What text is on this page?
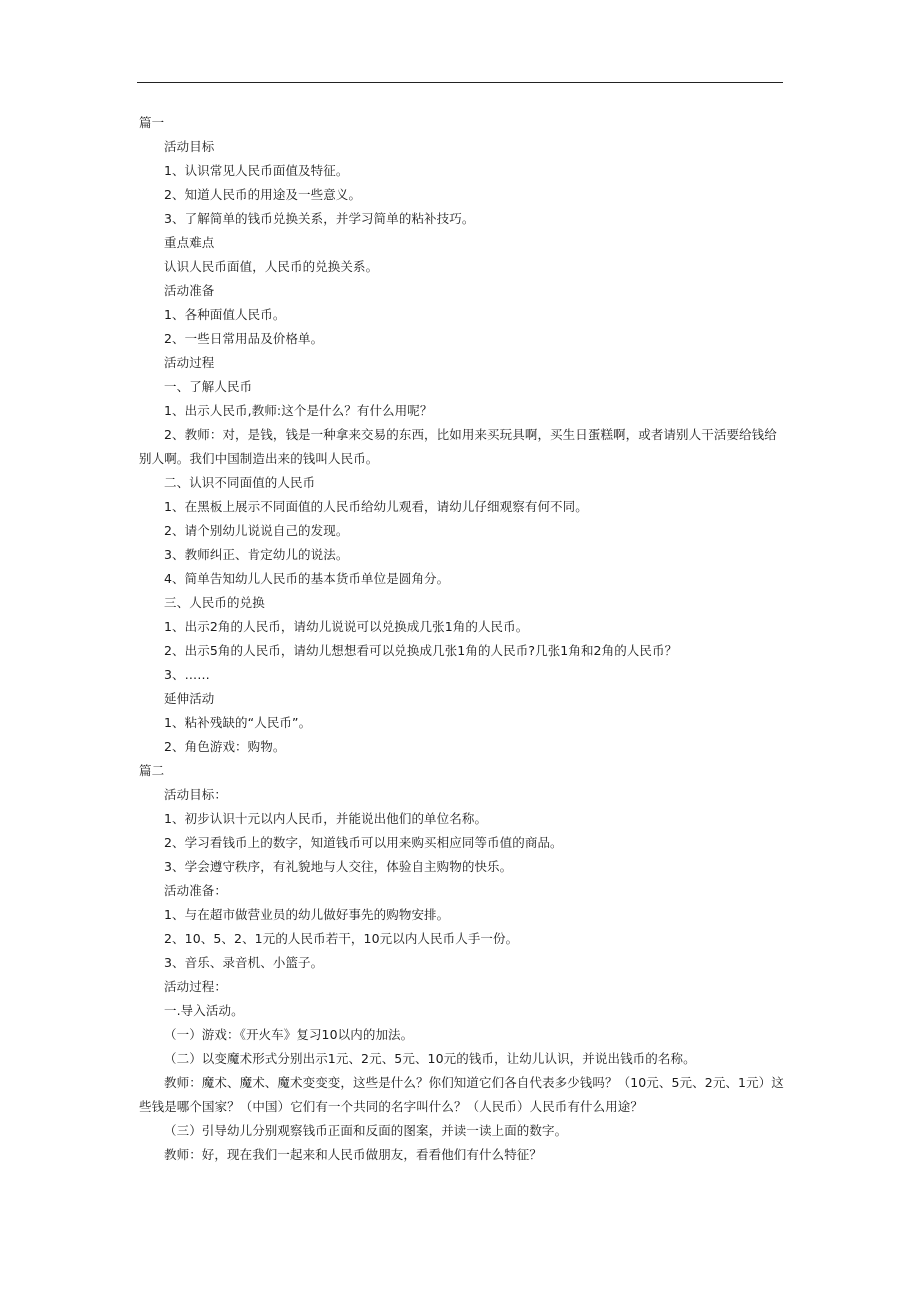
篇一
活动目标
1、认识常见人民币面值及特征。
2、知道人民币的用途及一些意义。
3、了解简单的钱币兑换关系，并学习简单的粘补技巧。
重点难点
认识人民币面值，人民币的兑换关系。
活动准备
1、各种面值人民币。
2、一些日常用品及价格单。
活动过程
一、了解人民币
1、出示人民币,教师:这个是什么？有什么用呢？
2、教师：对，是钱，钱是一种拿来交易的东西，比如用来买玩具啊，买生日蛋糕啊，或者请别人干活要给钱给别人啊。我们中国制造出来的钱叫人民币。
二、认识不同面值的人民币
1、在黑板上展示不同面值的人民币给幼儿观看，请幼儿仔细观察有何不同。
2、请个别幼儿说说自己的发现。
3、教师纠正、肯定幼儿的说法。
4、简单告知幼儿人民币的基本货币单位是圆角分。
三、人民币的兑换
1、出示2角的人民币，请幼儿说说可以兑换成几张1角的人民币。
2、出示5角的人民币，请幼儿想想看可以兑换成几张1角的人民币?几张1角和2角的人民币？
3、……
延伸活动
1、粘补残缺的“人民币”。
2、角色游戏：购物。
篇二
活动目标：
1、初步认识十元以内人民币，并能说出他们的单位名称。
2、学习看钱币上的数字，知道钱币可以用来购买相应同等币值的商品。
3、学会遵守秩序，有礼貌地与人交往，体验自主购物的快乐。
活动准备：
1、与在超市做营业员的幼儿做好事先的购物安排。
2、10、5、2、1元的人民币若干，10元以内人民币人手一份。
3、音乐、录音机、小篮子。
活动过程：
一.导入活动。
（一）游戏：《开火车》复习10以内的加法。
（二）以变魔术形式分别出示1元、2元、5元、10元的钱币，让幼儿认识，并说出钱币的名称。
教师：魔术、魔术、魔术变变变，这些是什么？你们知道它们各自代表多少钱吗？（10元、5元、2元、1元）这些钱是哪个国家？（中国）它们有一个共同的名字叫什么？（人民币）人民币有什么用途？
（三）引导幼儿分别观察钱币正面和反面的图案，并读一读上面的数字。
教师：好，现在我们一起来和人民币做朋友，看看他们有什么特征？
